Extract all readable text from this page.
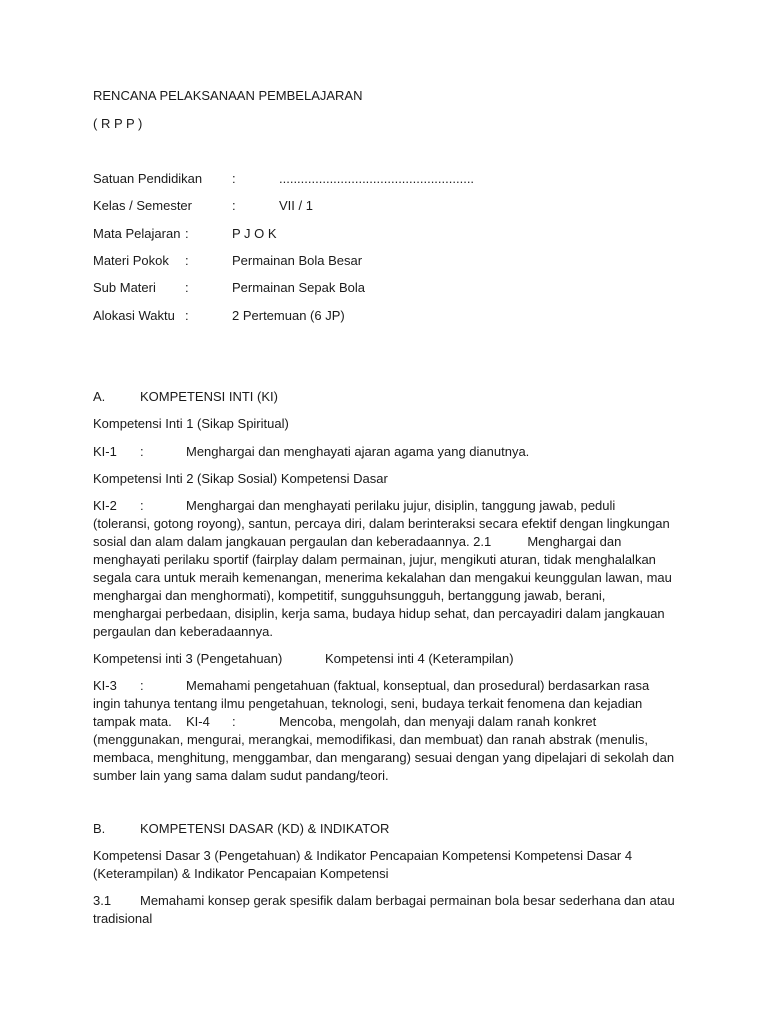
RENCANA PELAKSANAAN PEMBELAJARAN
( R P P )
Satuan Pendidikan :	......................................................
Kelas / Semester	:	VII / 1
Mata Pelajaran :	P J O K
Materi Pokok :	Permainan Bola Besar
Sub Materi :	Permainan Sepak Bola
Alokasi Waktu :	2 Pertemuan (6 JP)
A.	KOMPETENSI INTI (KI)
Kompetensi Inti 1 (Sikap Spiritual)
KI-1 :	Menghargai dan menghayati ajaran agama yang dianutnya.
Kompetensi Inti 2 (Sikap Sosial) Kompetensi Dasar
KI-2 :	Menghargai dan menghayati perilaku jujur, disiplin, tanggung jawab, peduli
(toleransi, gotong royong), santun, percaya diri, dalam berinteraksi secara efektif dengan lingkungan
sosial dan alam dalam jangkauan pergaulan dan keberadaannya. 2.1          Menghargai dan
menghayati perilaku sportif (fairplay dalam permainan, jujur, mengikuti aturan, tidak menghalalkan
segala cara untuk meraih kemenangan, menerima kekalahan dan mengakui keunggulan lawan, mau
menghargai dan menghormati), kompetitif, sungguhsungguh, bertanggung jawab, berani,
menghargai perbedaan, disiplin, kerja sama, budaya hidup sehat, dan percayadiri dalam jangkauan
pergaulan dan keberadaannya.
Kompetensi inti 3 (Pengetahuan)	Kompetensi inti 4 (Keterampilan)
KI-3 :	Memahami pengetahuan (faktual, konseptual, dan prosedural) berdasarkan rasa
ingin tahunya tentang ilmu pengetahuan, teknologi, seni, budaya terkait fenomena dan kejadian
tampak mata. KI-4 :	Mencoba, mengolah, dan menyaji dalam ranah konkret
(menggunakan, mengurai, merangkai, memodifikasi, dan membuat) dan ranah abstrak (menulis,
membaca, menghitung, menggambar, dan mengarang) sesuai dengan yang dipelajari di sekolah dan
sumber lain yang sama dalam sudut pandang/teori.
B.	KOMPETENSI DASAR (KD) & INDIKATOR
Kompetensi Dasar 3 (Pengetahuan) & Indikator Pencapaian Kompetensi Kompetensi Dasar 4
(Keterampilan) & Indikator Pencapaian Kompetensi
3.1 Memahami konsep gerak spesifik dalam berbagai permainan bola besar sederhana dan atau
tradisional
